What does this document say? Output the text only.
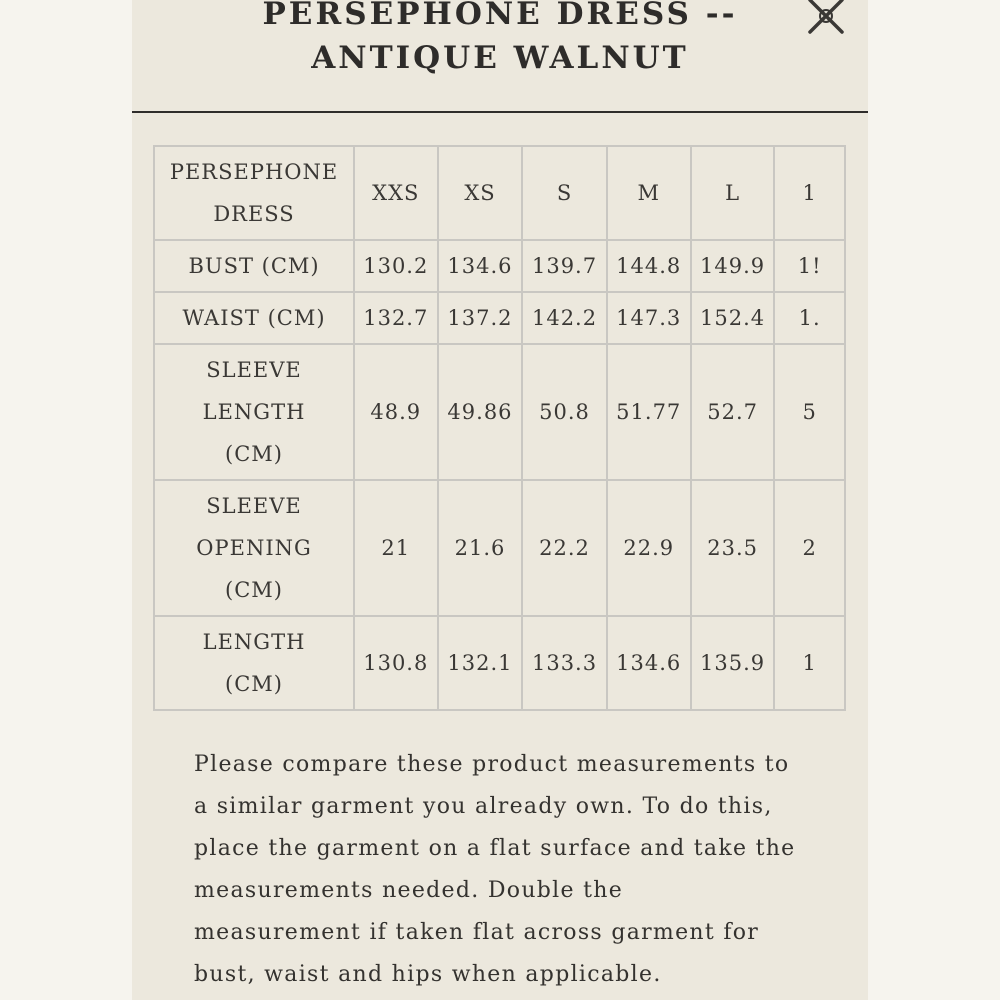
PERSEPHONE DRESS --
ANTIQUE WALNUT
PERSEPHONE DRESS	XXS	XS	S	M	L	1
BUST (CM)	130.2	134.6	139.7	144.8	149.9	1!
WAIST (CM)	132.7	137.2	142.2	147.3	152.4	1.
SLEEVE LENGTH (CM)	48.9	49.86	50.8	51.77	52.7	5
SLEEVE OPENING (CM)	21	21.6	22.2	22.9	23.5	2
LENGTH (CM)	130.8	132.1	133.3	134.6	135.9	1
Please compare these product measurements to
a similar garment you already own. To do this,
place the garment on a flat surface and take the
measurements needed. Double the
measurement if taken flat across garment for
bust, waist and hips when applicable.
